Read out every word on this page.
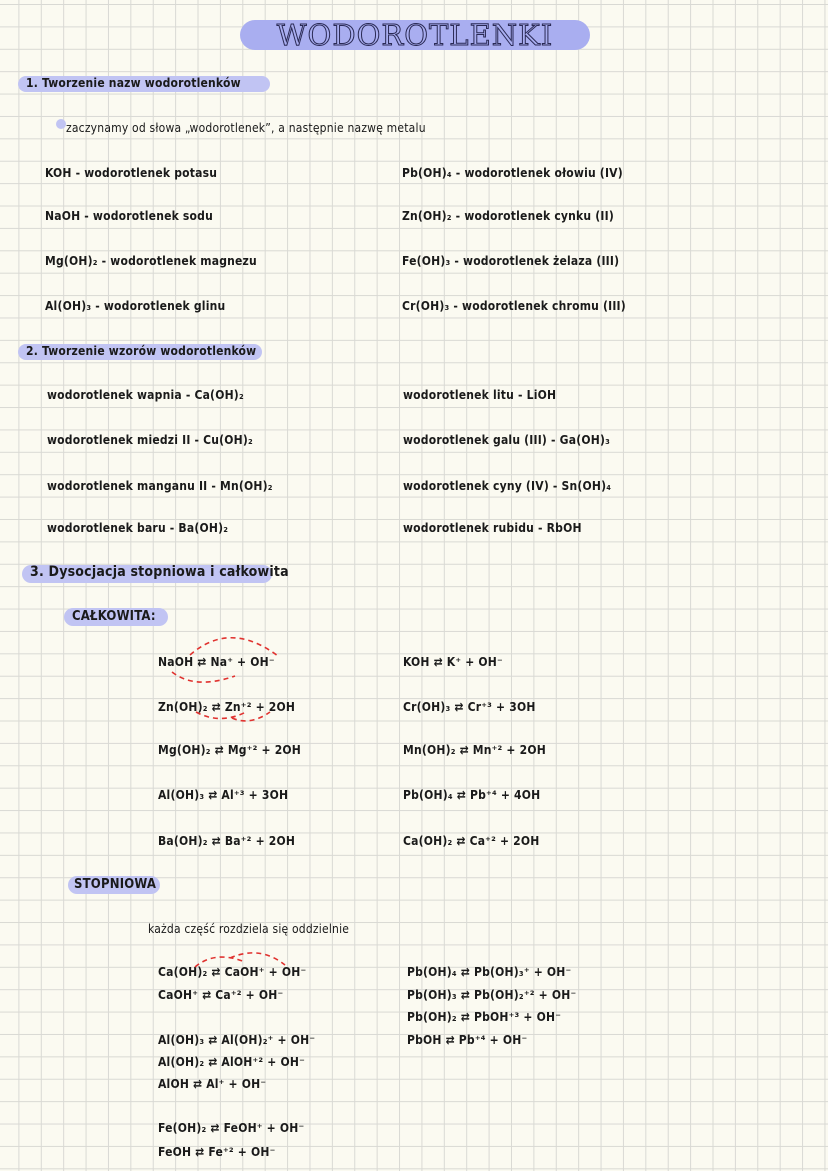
WODOROTLENKI
1. Tworzenie nazw wodorotlenków
zaczynamy od słowa „wodorotlenek”, a następnie nazwę metalu
2. Tworzenie wzorów wodorotlenków
3. Dysocjacja stopniowa i całkowita
CAŁKOWITA:
STOPNIOWA
każda część rozdziela się oddzielnie
KOH - wodorotlenek potasu	Pb(OH)₄ - wodorotlenek ołowiu (IV)
NaOH - wodorotlenek sodu	Zn(OH)₂ - wodorotlenek cynku (II)
Mg(OH)₂ - wodorotlenek magnezu	Fe(OH)₃ - wodorotlenek żelaza (III)
Al(OH)₃ - wodorotlenek glinu	Cr(OH)₃ - wodorotlenek chromu (III)
wodorotlenek wapnia - Ca(OH)₂	wodorotlenek litu - LiOH
wodorotlenek miedzi II - Cu(OH)₂	wodorotlenek galu (III) - Ga(OH)₃
wodorotlenek manganu II - Mn(OH)₂	wodorotlenek cyny (IV) - Sn(OH)₄
wodorotlenek baru - Ba(OH)₂	wodorotlenek rubidu - RbOH
NaOH ⇄ Na⁺ + OH⁻	KOH ⇄ K⁺ + OH⁻
Zn(OH)₂ ⇄ Zn⁺² + 2OH	Cr(OH)₃ ⇄ Cr⁺³ + 3OH
Mg(OH)₂ ⇄ Mg⁺² + 2OH	Mn(OH)₂ ⇄ Mn⁺² + 2OH
Al(OH)₃ ⇄ Al⁺³ + 3OH	Pb(OH)₄ ⇄ Pb⁺⁴ + 4OH
Ba(OH)₂ ⇄ Ba⁺² + 2OH	Ca(OH)₂ ⇄ Ca⁺² + 2OH
Ca(OH)₂ ⇄ CaOH⁺ + OH⁻
CaOH⁺ ⇄ Ca⁺² + OH⁻
Al(OH)₃ ⇄ Al(OH)₂⁺ + OH⁻
Al(OH)₂ ⇄ AlOH⁺² + OH⁻
AlOH ⇄ Al⁺ + OH⁻
Fe(OH)₂ ⇄ FeOH⁺ + OH⁻
FeOH ⇄ Fe⁺² + OH⁻
Pb(OH)₄ ⇄ Pb(OH)₃⁺ + OH⁻
Pb(OH)₃ ⇄ Pb(OH)₂⁺² + OH⁻
Pb(OH)₂ ⇄ PbOH⁺³ + OH⁻
PbOH ⇄ Pb⁺⁴ + OH⁻
